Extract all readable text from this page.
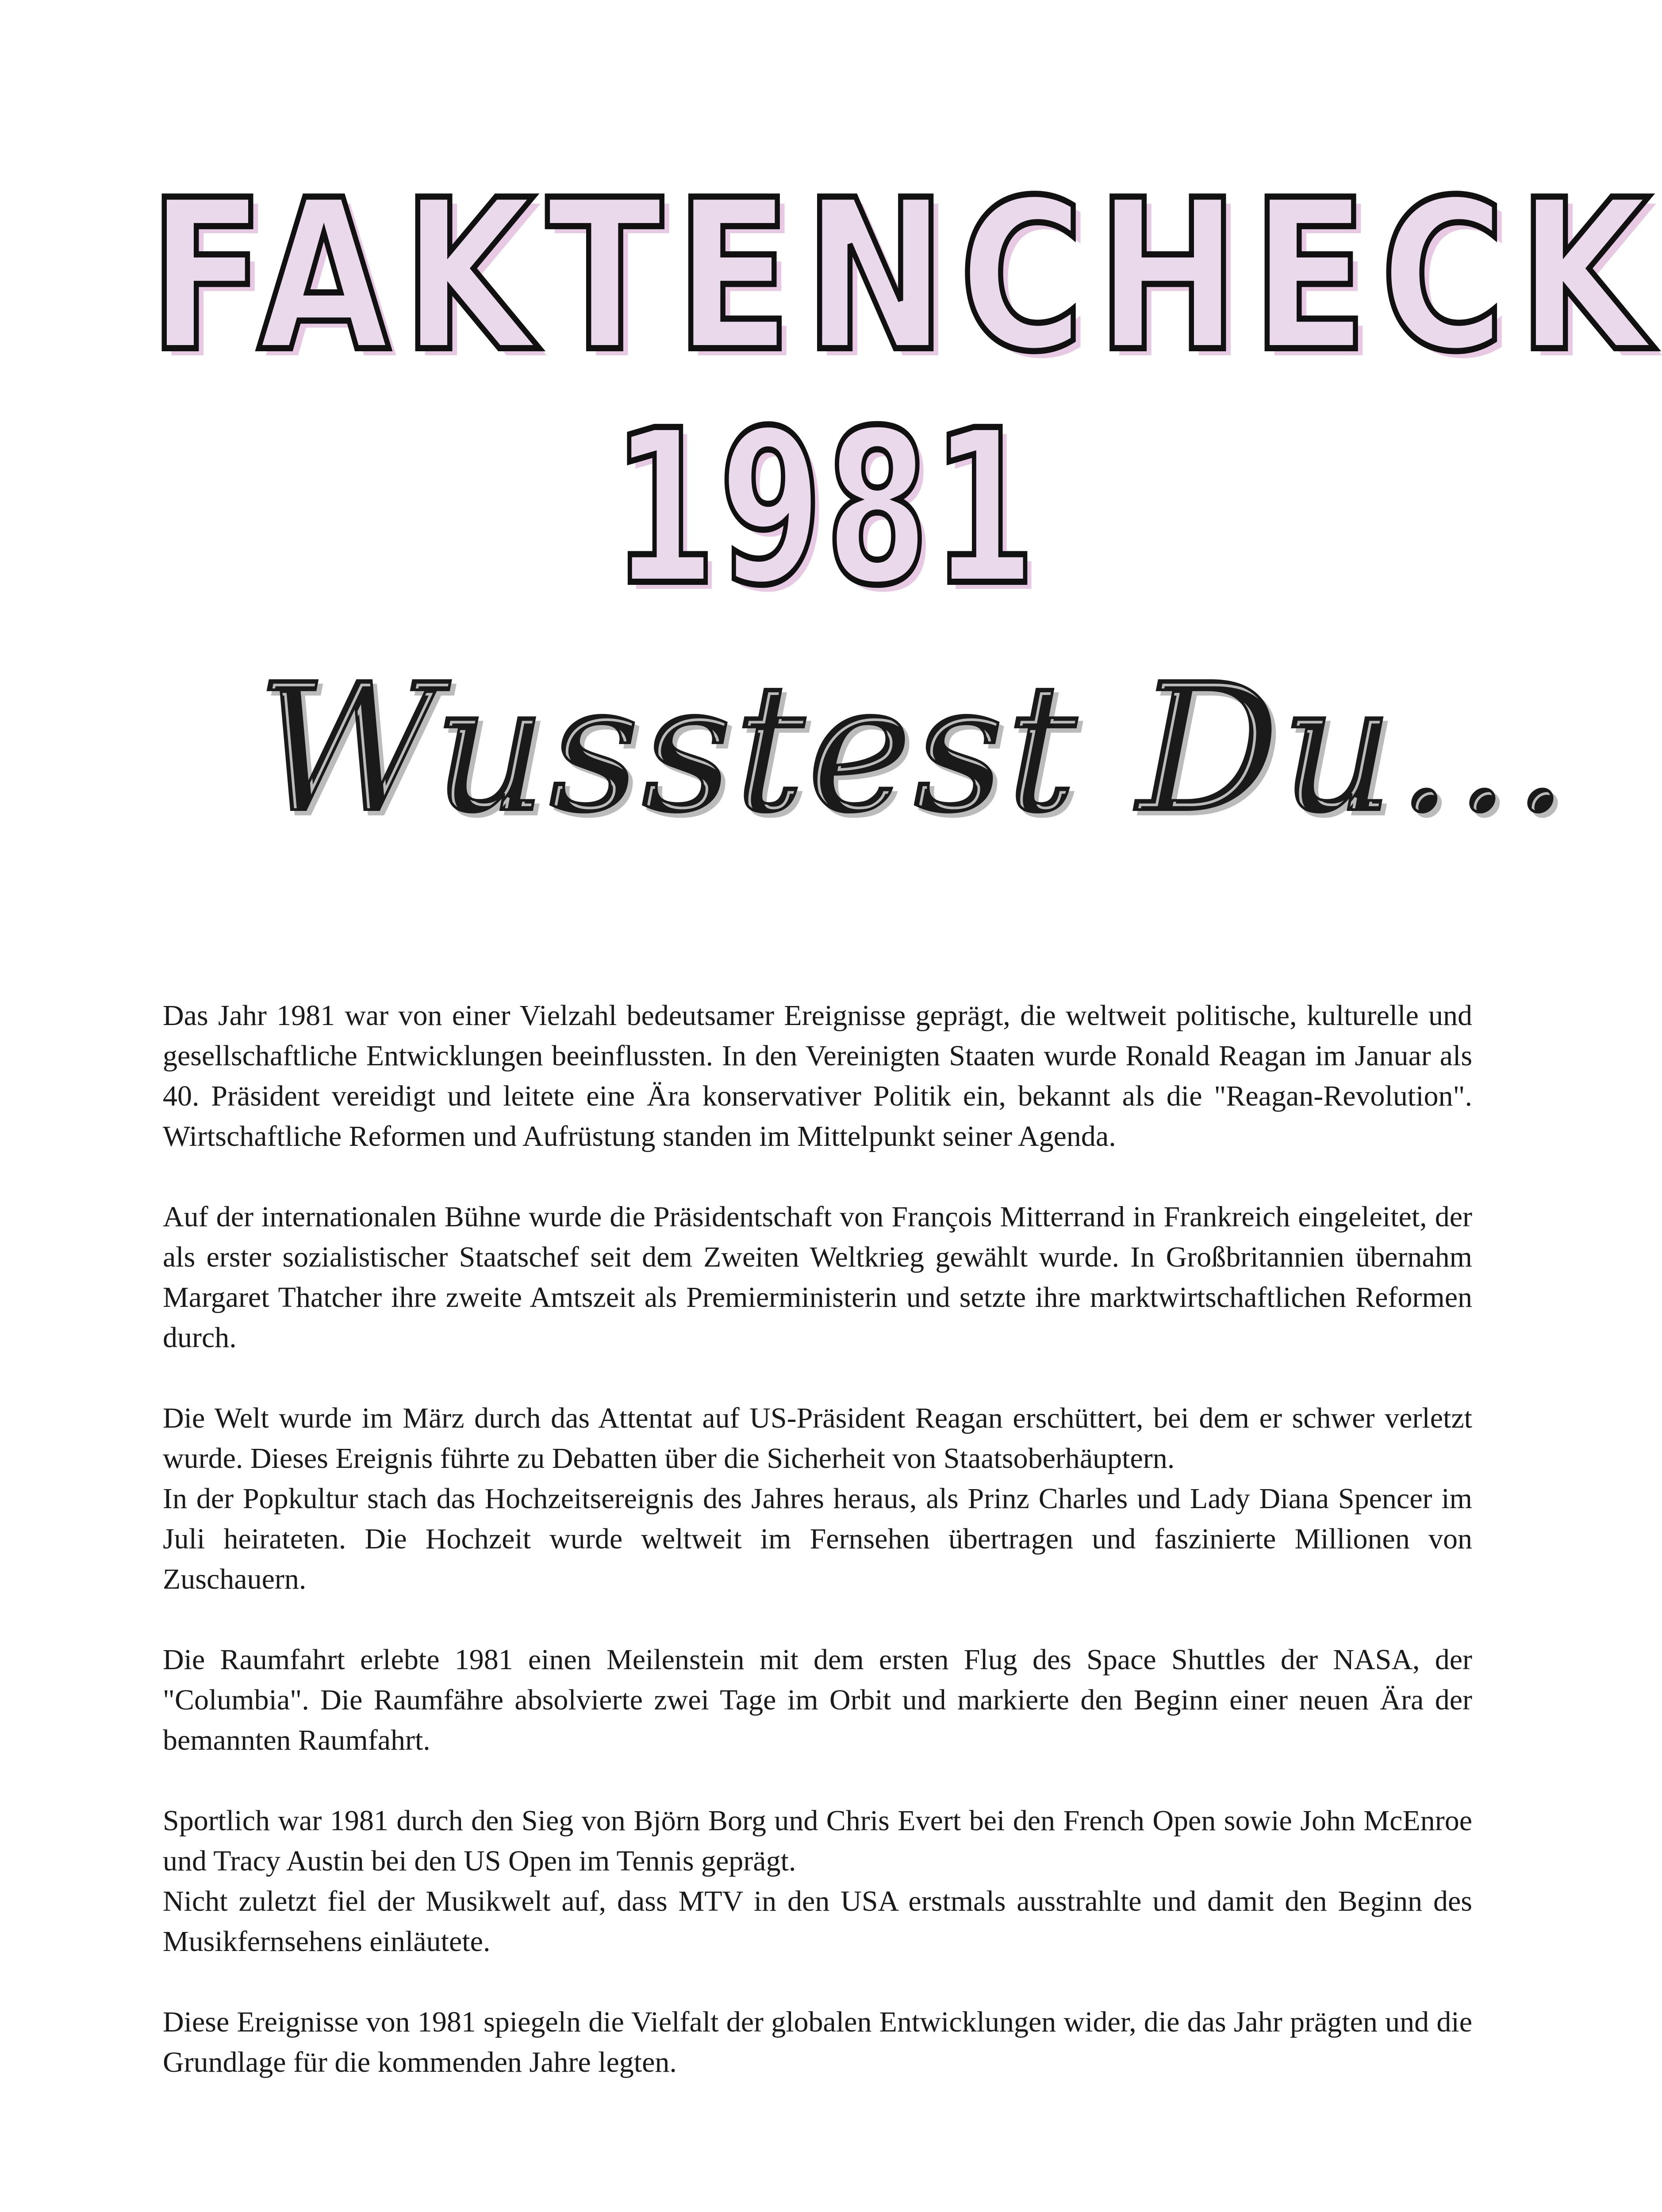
FAKTENCHECK
1981
Wusstest Du...

Das Jahr 1981 war von einer Vielzahl bedeutsamer Ereignisse geprägt, die weltweit politische, kulturelle und gesellschaftliche Entwicklungen beeinflussten. In den Vereinigten Staaten wurde Ronald Reagan im Januar als 40. Präsident vereidigt und leitete eine Ära konservativer Politik ein, bekannt als die "Reagan-Revolution". Wirtschaftliche Reformen und Aufrüstung standen im Mittelpunkt seiner Agenda.

Auf der internationalen Bühne wurde die Präsidentschaft von François Mitterrand in Frankreich eingeleitet, der als erster sozialistischer Staatschef seit dem Zweiten Weltkrieg gewählt wurde. In Großbritannien übernahm Margaret Thatcher ihre zweite Amtszeit als Premierministerin und setzte ihre marktwirtschaftlichen Reformen durch.

Die Welt wurde im März durch das Attentat auf US-Präsident Reagan erschüttert, bei dem er schwer verletzt wurde. Dieses Ereignis führte zu Debatten über die Sicherheit von Staatsoberhäuptern.

In der Popkultur stach das Hochzeitsereignis des Jahres heraus, als Prinz Charles und Lady Diana Spencer im Juli heirateten. Die Hochzeit wurde weltweit im Fernsehen übertragen und faszinierte Millionen von Zuschauern.

Die Raumfahrt erlebte 1981 einen Meilenstein mit dem ersten Flug des Space Shuttles der NASA, der "Columbia". Die Raumfähre absolvierte zwei Tage im Orbit und markierte den Beginn einer neuen Ära der bemannten Raumfahrt.

Sportlich war 1981 durch den Sieg von Björn Borg und Chris Evert bei den French Open sowie John McEnroe und Tracy Austin bei den US Open im Tennis geprägt.

Nicht zuletzt fiel der Musikwelt auf, dass MTV in den USA erstmals ausstrahlte und damit den Beginn des Musikfernsehens einläutete.

Diese Ereignisse von 1981 spiegeln die Vielfalt der globalen Entwicklungen wider, die das Jahr prägten und die Grundlage für die kommenden Jahre legten.
